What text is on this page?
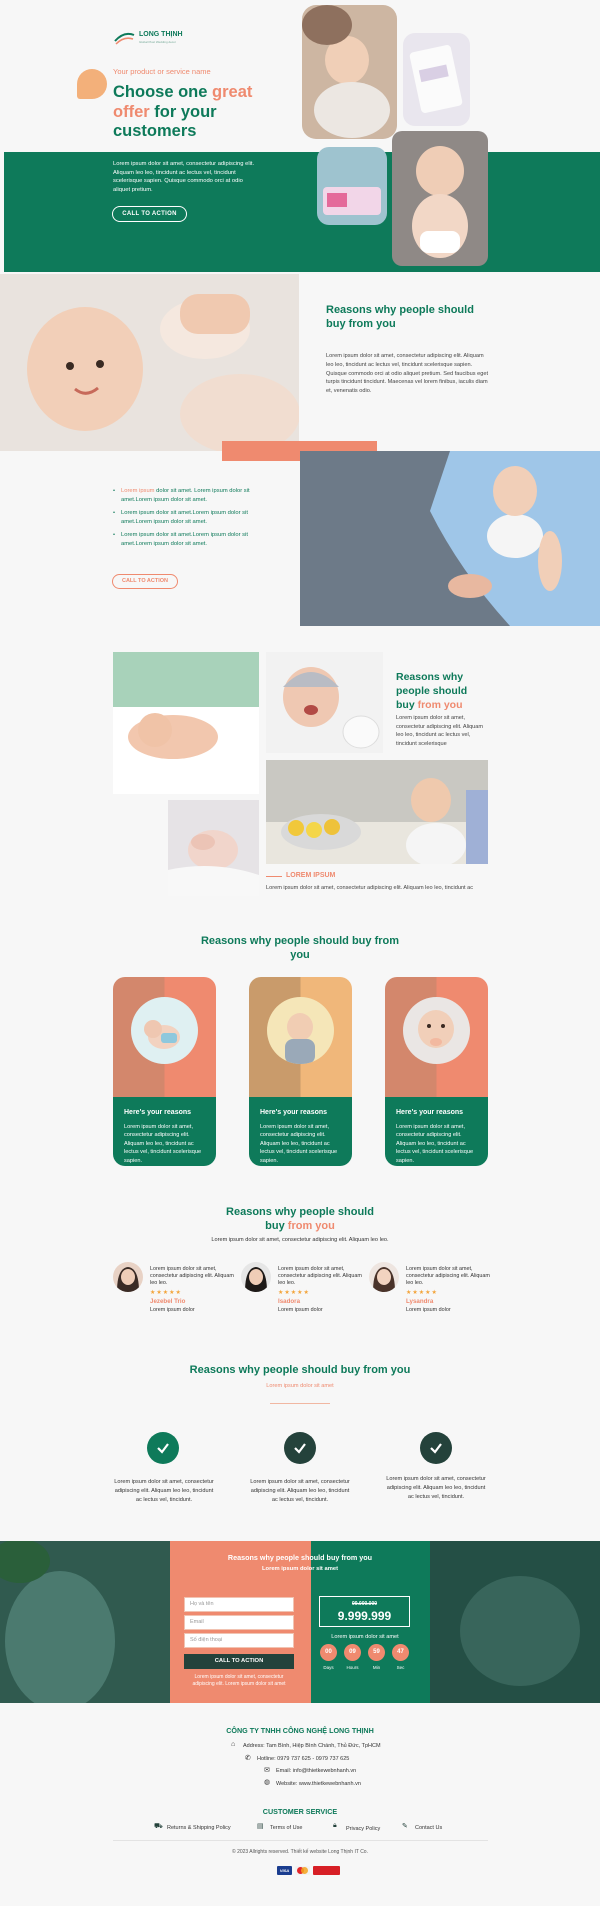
LONG THỊNH
Global Pixel Wedding decor
Your product or service name
Choose one great
offer for your
customers
Lorem ipsum dolor sit amet, consectetur adipiscing elit. Aliquam leo leo, tincidunt ac lectus vel, tincidunt scelerisque sapien. Quisque commodo orci at odio aliquet pretium.
CALL TO ACTION
Reasons why people should buy from you
Lorem ipsum dolor sit amet, consectetur adipiscing elit. Aliquam leo leo, tincidunt ac lectus vel, tincidunt scelerisque sapien. Quisque commodo orci at odio aliquet pretium. Sed faucibus eget turpis tincidunt tincidunt. Maecenas vel lorem finibus, iaculis diam et, venenatis odio.
• Lorem ipsum dolor sit amet. Lorem ipsum dolor sit amet.Lorem ipsum dolor sit amet.
• Lorem ipsum dolor sit amet.Lorem ipsum dolor sit amet.Lorem ipsum dolor sit amet.
• Lorem ipsum dolor sit amet.Lorem ipsum dolor sit amet.Lorem ipsum dolor sit amet.
CALL TO ACTION
Reasons why people should
buy from you
Lorem ipsum dolor sit amet, consectetur adipiscing elit. Aliquam leo leo, tincidunt ac lectus vel, tincidunt scelerisque
LOREM IPSUM
Lorem ipsum dolor sit amet, consectetur adipiscing elit. Aliquam leo leo, tincidunt ac
Reasons why people should buy from you
Here's your reasons
Lorem ipsum dolor sit amet, consectetur adipiscing elit. Aliquam leo leo, tincidunt ac lectus vel, tincidunt scelerisque sapien.
Here's your reasons
Lorem ipsum dolor sit amet, consectetur adipiscing elit. Aliquam leo leo, tincidunt ac lectus vel, tincidunt scelerisque sapien.
Here's your reasons
Lorem ipsum dolor sit amet, consectetur adipiscing elit. Aliquam leo leo, tincidunt ac lectus vel, tincidunt scelerisque sapien.
Reasons why people should
buy from you
Lorem ipsum dolor sit amet, consectetur adipiscing elit. Aliquam leo leo.
Lorem ipsum dolor sit amet, consectetur adipiscing elit. Aliquam leo leo.
★★★★★
Jezebel Trio
Lorem ipsum dolor
Lorem ipsum dolor sit amet, consectetur adipiscing elit. Aliquam leo leo.
★★★★★
Isadora
Lorem ipsum dolor
Lorem ipsum dolor sit amet, consectetur adipiscing elit. Aliquam leo leo.
★★★★★
Lysandra
Lorem ipsum dolor
Reasons why people should buy from you
Lorem ipsum dolor sit amet
Lorem ipsum dolor sit amet, consectetur adipiscing elit. Aliquam leo leo, tincidunt ac lectus vel, tincidunt.
Lorem ipsum dolor sit amet, consectetur adipiscing elit. Aliquam leo leo, tincidunt ac lectus vel, tincidunt.
Lorem ipsum dolor sit amet, consectetur adipiscing elit. Aliquam leo leo, tincidunt ac lectus vel, tincidunt.
Reasons why people should buy from you
Lorem ipsum dolor sit amet
Họ và tên
Email
Số điện thoại
CALL TO ACTION
Lorem ipsum dolor sit amet, consectetur adipiscing elit. Lorem ipsum dolor sit amet
99.000.000
9.999.999
Lorem ipsum dolor sit amet
00	09	59	47
Days	Hours	Min	Sec
CÔNG TY TNHH CÔNG NGHỆ LONG THỊNH
⌂ Address: Tam Bình, Hiệp Bình Chánh, Thủ Đức, TpHCM
✆ Hotline: 0979 737 625 - 0979 737 625
✉ Email: info@thietkewebnhanh.vn
◍ Website: www.thietkewebnhanh.vn
CUSTOMER SERVICE
⛟ Returns & Shipping Policy	▤ Terms of Use	🔒︎ Privacy Policy	✎ Contact Us
© 2023 Allrights reserved. Thiết kế website Long Thịnh IT Co.
VISA
